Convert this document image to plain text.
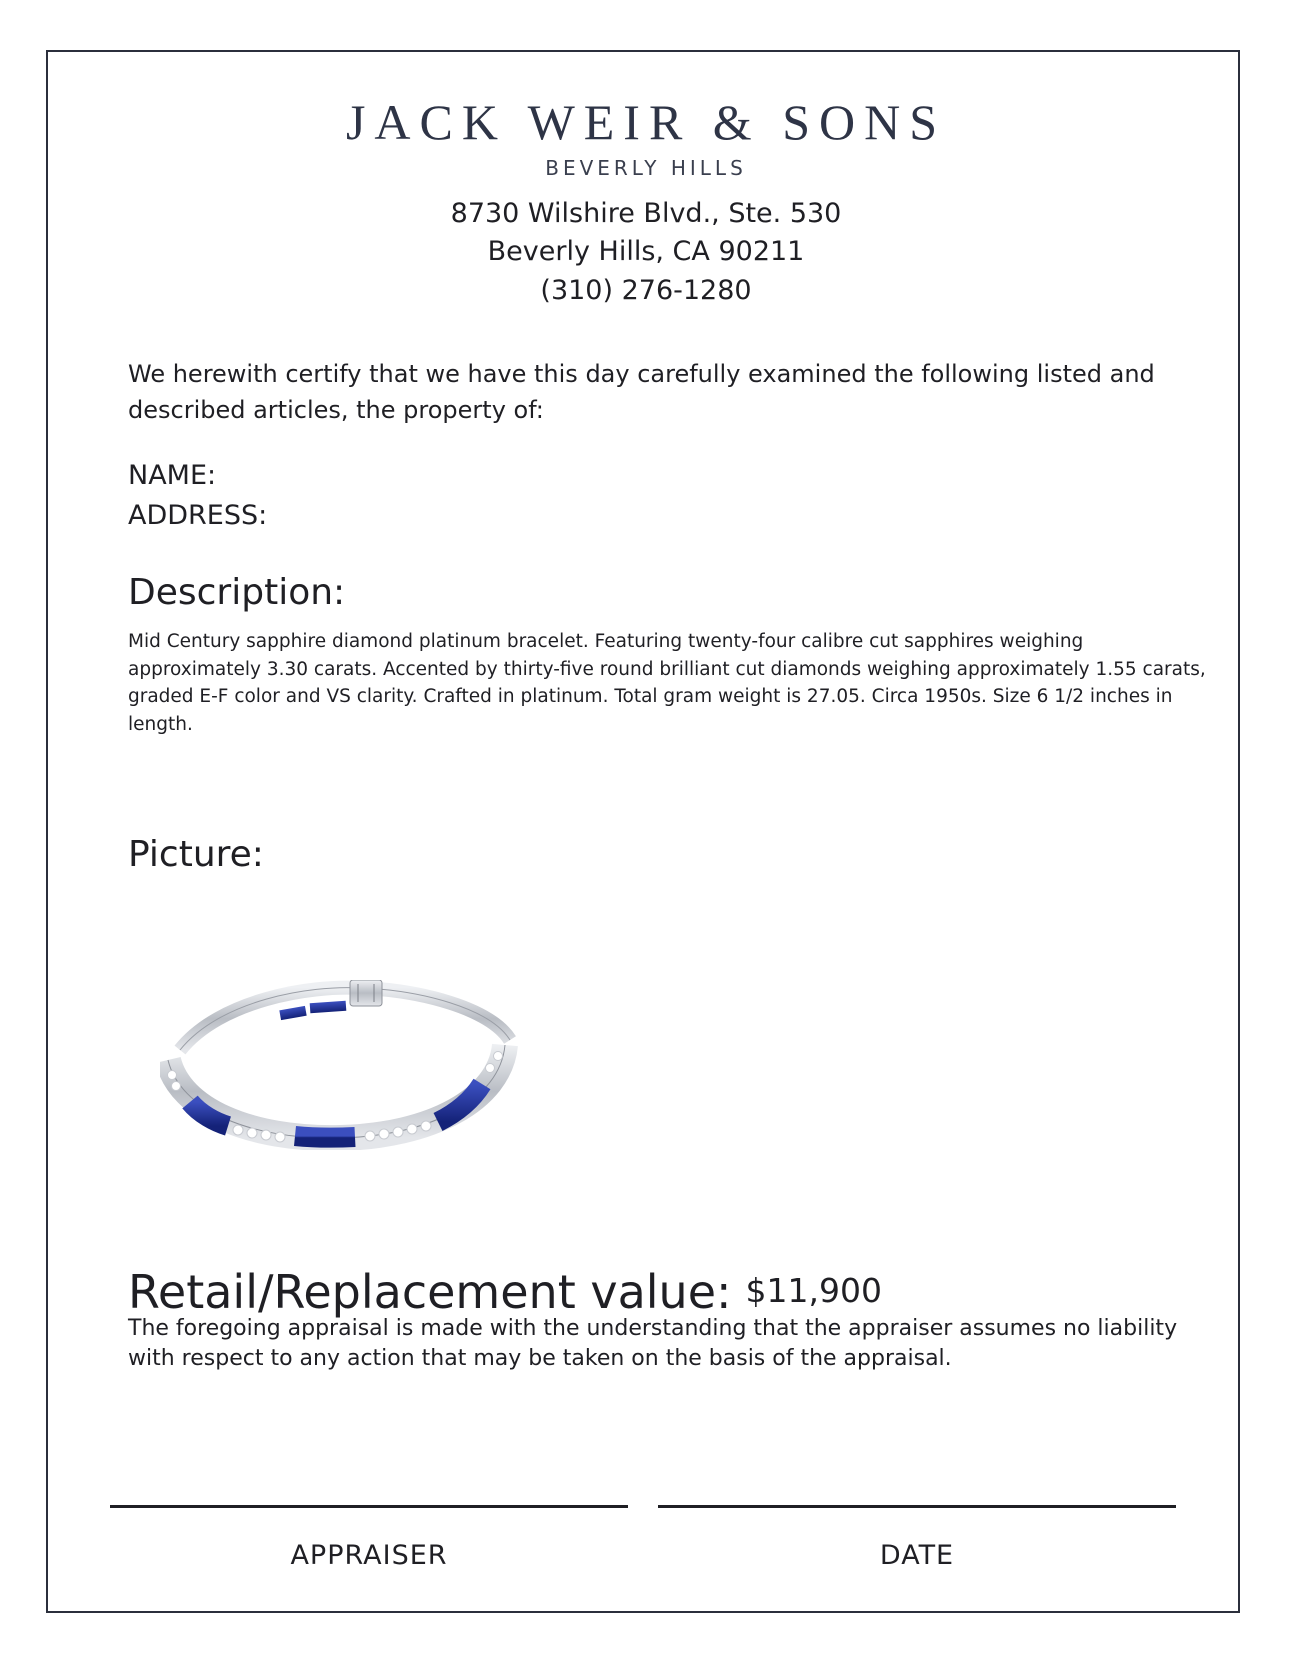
JACK WEIR & SONS

BEVERLY HILLS

8730 Wilshire Blvd., Ste. 530

Beverly Hills, CA 90211

(310) 276-1280

We herewith certify that we have this day carefully examined the following listed and described articles, the property of:

NAME:

ADDRESS:

Description:

Mid Century sapphire diamond platinum bracelet. Featuring twenty-four calibre cut sapphires weighing approximately 3.30 carats. Accented by thirty-five round brilliant cut diamonds weighing approximately 1.55 carats, graded E-F color and VS clarity. Crafted in platinum. Total gram weight is 27.05. Circa 1950s. Size 6 1/2 inches in length.

Picture:
Retail/Replacement value: $11,900

The foregoing appraisal is made with the understanding that the appraiser assumes no liability with respect to any action that may be taken on the basis of the appraisal.

APPRAISER	DATE
